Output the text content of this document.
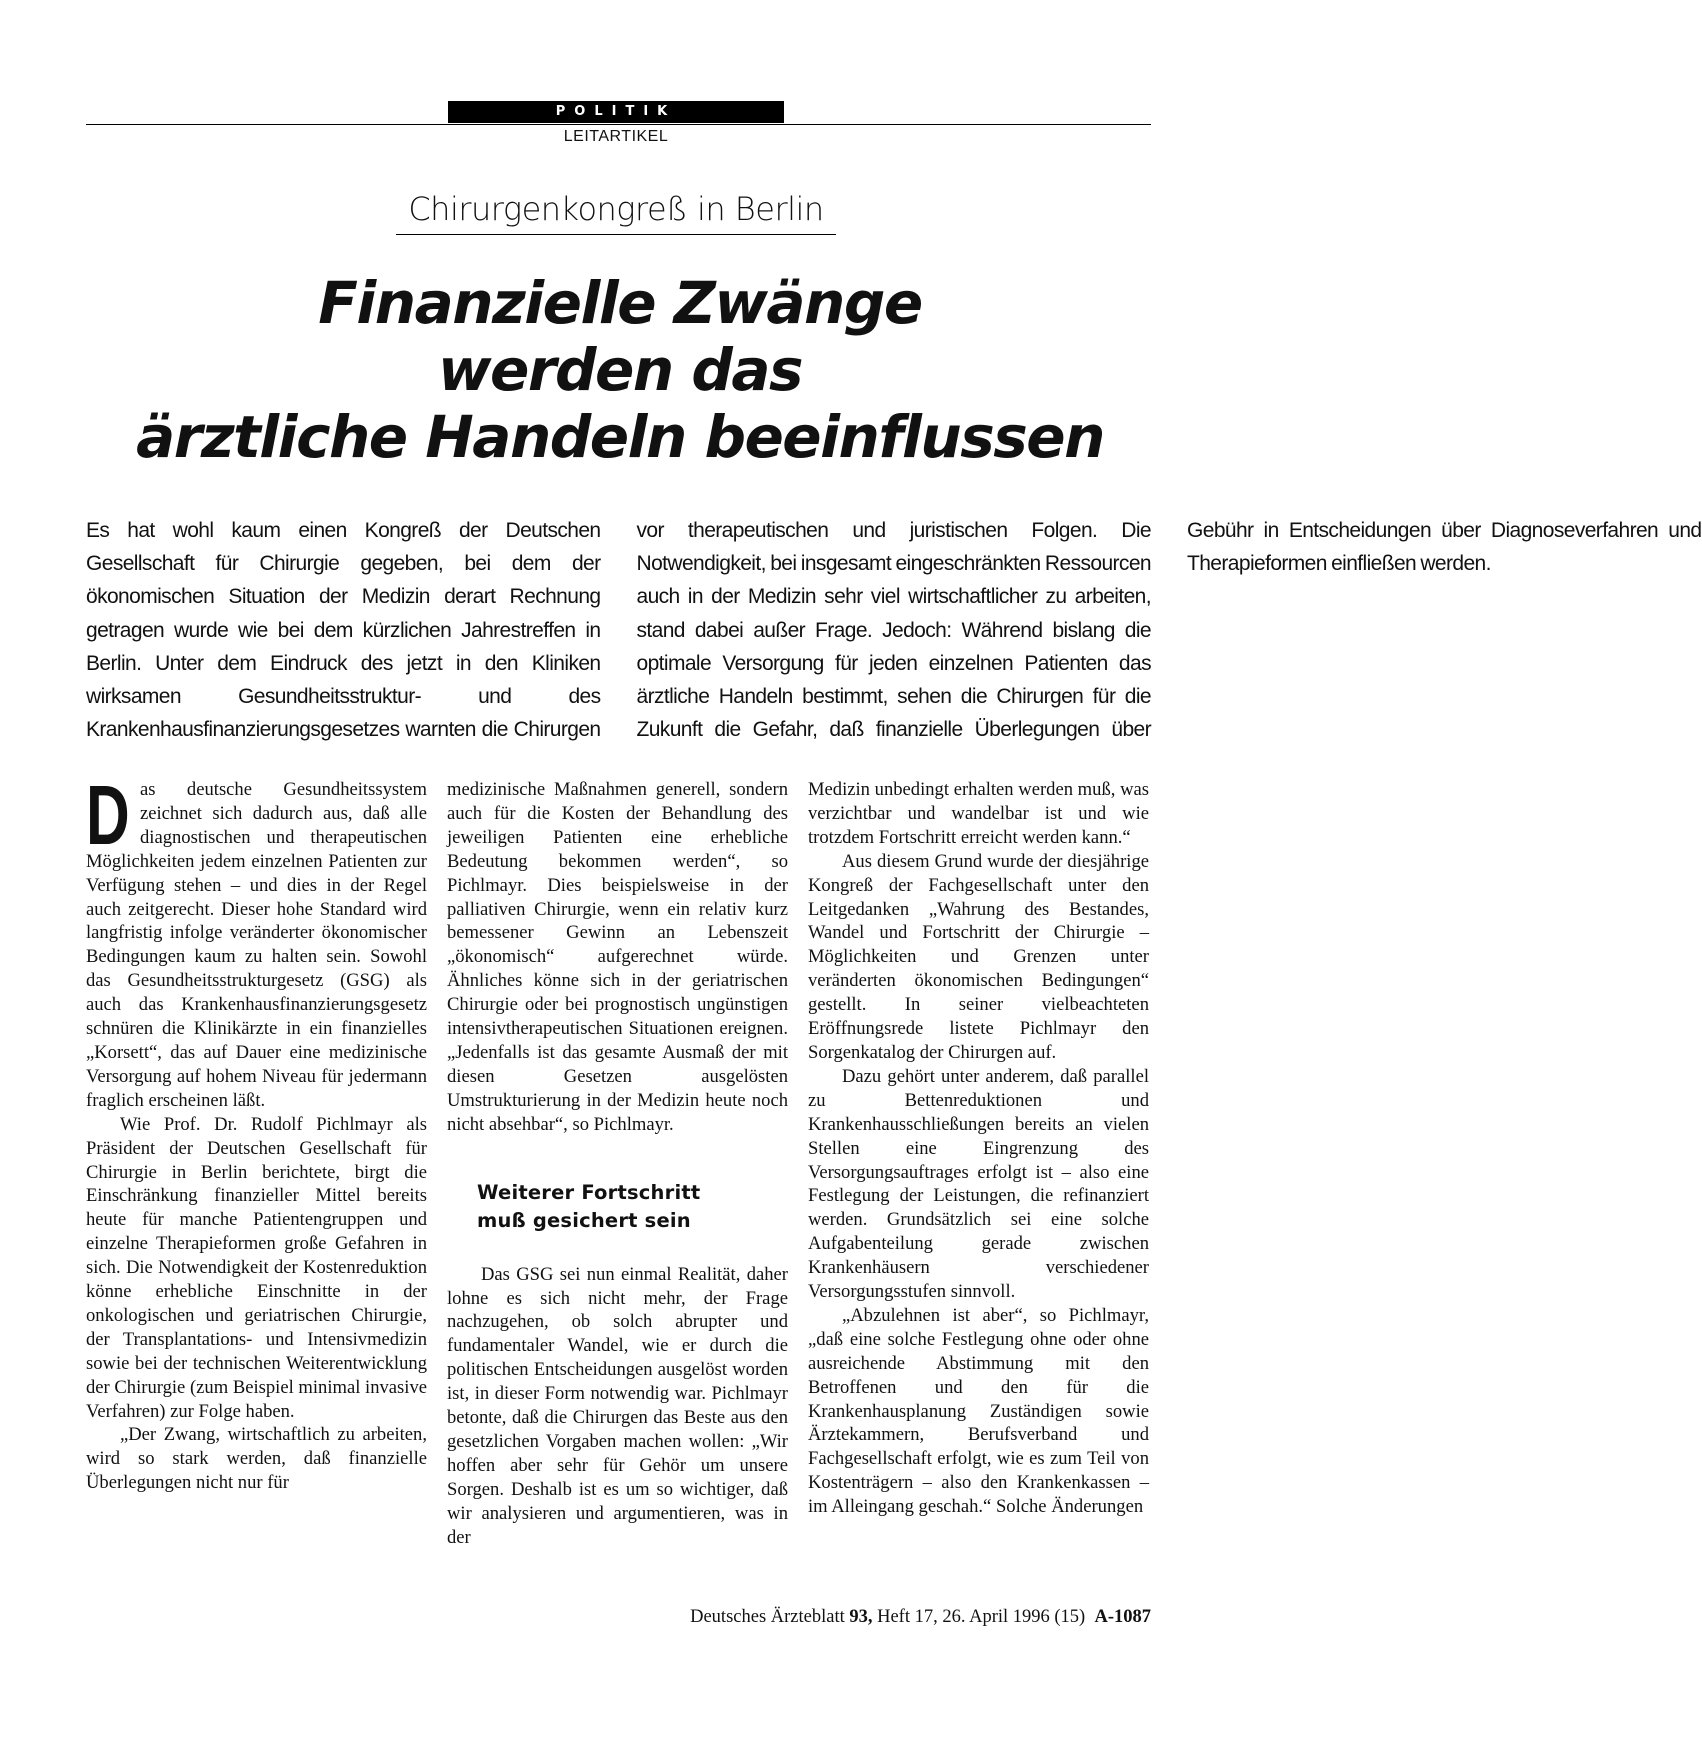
POLITIK
LEITARTIKEL
Chirurgenkongreß in Berlin
Finanzielle Zwänge
werden das
ärztliche Handeln beeinflussen
Es hat wohl kaum einen Kongreß der Deutschen Gesellschaft für Chirurgie gegeben, bei dem der ökonomischen Situation der Medizin derart Rechnung getragen wurde wie bei dem kürzlichen Jahrestreffen in Berlin. Unter dem Eindruck des jetzt in den Kliniken wirksamen Gesundheitsstruktur- und des Krankenhausfinanzierungsgesetzes warnten die Chirurgen vor therapeutischen und juristischen Folgen. Die Notwendigkeit, bei insgesamt eingeschränkten Ressourcen auch in der Medizin sehr viel wirtschaftlicher zu arbeiten, stand dabei außer Frage. Jedoch: Während bislang die optimale Versorgung für jeden einzelnen Patienten das ärztliche Handeln bestimmt, sehen die Chirurgen für die Zukunft die Gefahr, daß finanzielle Überlegungen über Gebühr in Entscheidungen über Diagnoseverfahren und Therapieformen einfließen werden.

Das deutsche Gesundheitssystem zeichnet sich dadurch aus, daß alle diagnostischen und therapeutischen Möglichkeiten jedem einzelnen Patienten zur Verfügung stehen – und dies in der Regel auch zeitgerecht. Dieser hohe Standard wird langfristig infolge veränderter ökonomischer Bedingungen kaum zu halten sein. Sowohl das Gesundheitsstrukturgesetz (GSG) als auch das Krankenhausfinanzierungsgesetz schnüren die Klinikärzte in ein finanzielles „Korsett“, das auf Dauer eine medizinische Versorgung auf hohem Niveau für jedermann fraglich erscheinen läßt.

Wie Prof. Dr. Rudolf Pichlmayr als Präsident der Deutschen Gesellschaft für Chirurgie in Berlin berichtete, birgt die Einschränkung finanzieller Mittel bereits heute für manche Patientengruppen und einzelne Therapieformen große Gefahren in sich. Die Notwendigkeit der Kostenreduktion könne erhebliche Einschnitte in der onkologischen und geriatrischen Chirurgie, der Transplantations- und Intensivmedizin sowie bei der technischen Weiterentwicklung der Chirurgie (zum Beispiel minimal invasive Verfahren) zur Folge haben.

„Der Zwang, wirtschaftlich zu arbeiten, wird so stark werden, daß finanzielle Überlegungen nicht nur für

medizinische Maßnahmen generell, sondern auch für die Kosten der Behandlung des jeweiligen Patienten eine erhebliche Bedeutung bekommen werden“, so Pichlmayr. Dies beispielsweise in der palliativen Chirurgie, wenn ein relativ kurz bemessener Gewinn an Lebenszeit „ökonomisch“ aufgerechnet würde. Ähnliches könne sich in der geriatrischen Chirurgie oder bei prognostisch ungünstigen intensivtherapeutischen Situationen ereignen. „Jedenfalls ist das gesamte Ausmaß der mit diesen Gesetzen ausgelösten Umstrukturierung in der Medizin heute noch nicht absehbar“, so Pichlmayr.

Weiterer Fortschritt
muß gesichert sein

Das GSG sei nun einmal Realität, daher lohne es sich nicht mehr, der Frage nachzugehen, ob solch abrupter und fundamentaler Wandel, wie er durch die politischen Entscheidungen ausgelöst worden ist, in dieser Form notwendig war. Pichlmayr betonte, daß die Chirurgen das Beste aus den gesetzlichen Vorgaben machen wollen: „Wir hoffen aber sehr für Gehör um unsere Sorgen. Deshalb ist es um so wichtiger, daß wir analysieren und argumentieren, was in der

Medizin unbedingt erhalten werden muß, was verzichtbar und wandelbar ist und wie trotzdem Fortschritt erreicht werden kann.“

Aus diesem Grund wurde der diesjährige Kongreß der Fachgesellschaft unter den Leitgedanken „Wahrung des Bestandes, Wandel und Fortschritt der Chirurgie – Möglichkeiten und Grenzen unter veränderten ökonomischen Bedingungen“ gestellt. In seiner vielbeachteten Eröffnungsrede listete Pichlmayr den Sorgenkatalog der Chirurgen auf.

Dazu gehört unter anderem, daß parallel zu Bettenreduktionen und Krankenhausschließungen bereits an vielen Stellen eine Eingrenzung des Versorgungsauftrages erfolgt ist – also eine Festlegung der Leistungen, die refinanziert werden. Grundsätzlich sei eine solche Aufgabenteilung gerade zwischen Krankenhäusern verschiedener Versorgungsstufen sinnvoll.

„Abzulehnen ist aber“, so Pichlmayr, „daß eine solche Festlegung ohne oder ohne ausreichende Abstimmung mit den Betroffenen und den für die Krankenhausplanung Zuständigen sowie Ärztekammern, Berufsverband und Fachgesellschaft erfolgt, wie es zum Teil von Kostenträgern – also den Krankenkassen – im Alleingang geschah.“ Solche Änderungen

Deutsches Ärzteblatt 93, Heft 17, 26. April 1996 (15) A-1087
